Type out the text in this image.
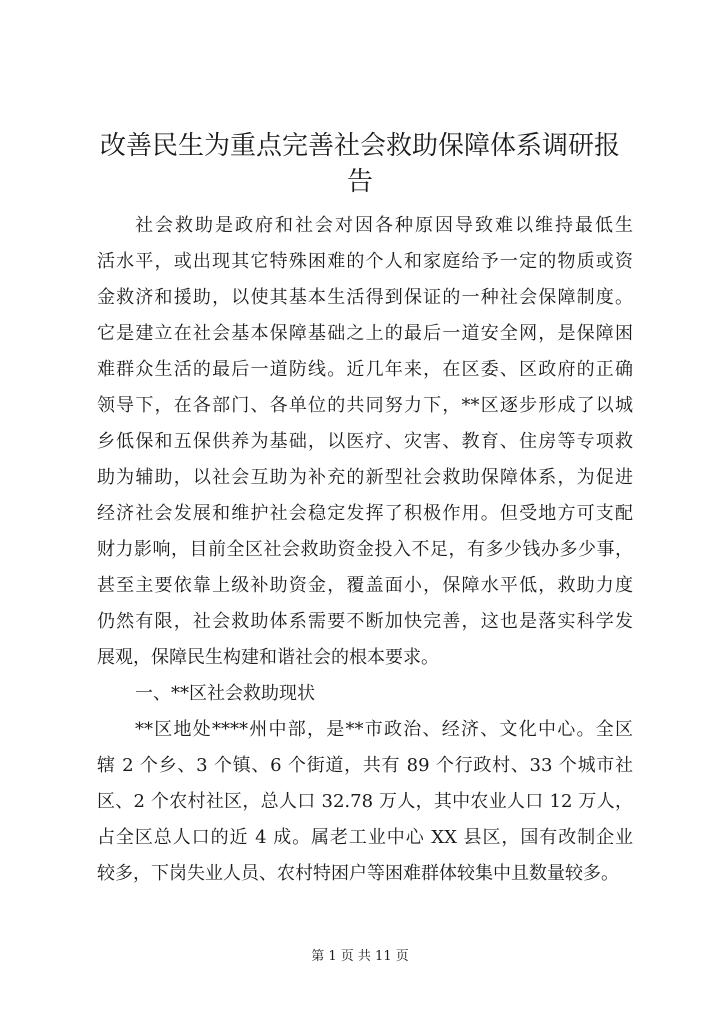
改善民生为重点完善社会救助保障体系调研报
告
社会救助是政府和社会对因各种原因导致难以维持最低生
活水平，或出现其它特殊困难的个人和家庭给予一定的物质或资
金救济和援助，以使其基本生活得到保证的一种社会保障制度。
它是建立在社会基本保障基础之上的最后一道安全网，是保障困
难群众生活的最后一道防线。近几年来，在区委、区政府的正确
领导下，在各部门、各单位的共同努力下，**区逐步形成了以城
乡低保和五保供养为基础，以医疗、灾害、教育、住房等专项救
助为辅助，以社会互助为补充的新型社会救助保障体系，为促进
经济社会发展和维护社会稳定发挥了积极作用。但受地方可支配
财力影响，目前全区社会救助资金投入不足，有多少钱办多少事，
甚至主要依靠上级补助资金，覆盖面小，保障水平低，救助力度
仍然有限，社会救助体系需要不断加快完善，这也是落实科学发
展观，保障民生构建和谐社会的根本要求。
一、**区社会救助现状
**区地处****州中部，是**市政治、经济、文化中心。全区
辖 2 个乡、3 个镇、6 个街道，共有 89 个行政村、33 个城市社
区、2 个农村社区，总人口 32.78 万人，其中农业人口 12 万人，
占全区总人口的近 4 成。属老工业中心 XX 县区，国有改制企业
较多，下岗失业人员、农村特困户等困难群体较集中且数量较多。
第 1 页 共 11 页
